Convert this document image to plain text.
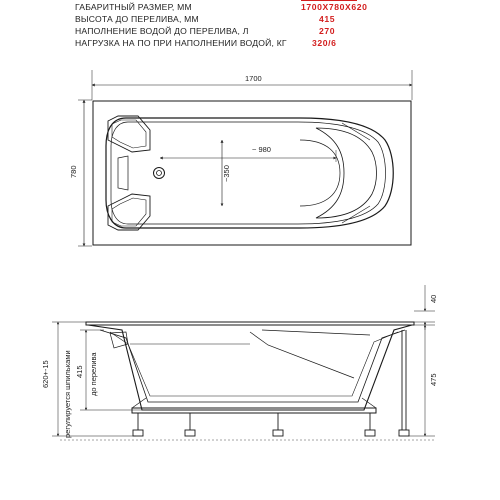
ГАБАРИТНЫЙ РАЗМЕР, ММ	1700X780X620
ВЫСОТА ДО ПЕРЕЛИВА, ММ	415
НАПОЛНЕНИЕ ВОДОЙ ДО ПЕРЕЛИВА, Л	270
НАГРУЗКА НА ПО ПРИ НАПОЛНЕНИИ ВОДОЙ, КГ	320/6
1700
780
~ 980
~350
40
475
620+-15 регулируется шпильками 415 до перелива
